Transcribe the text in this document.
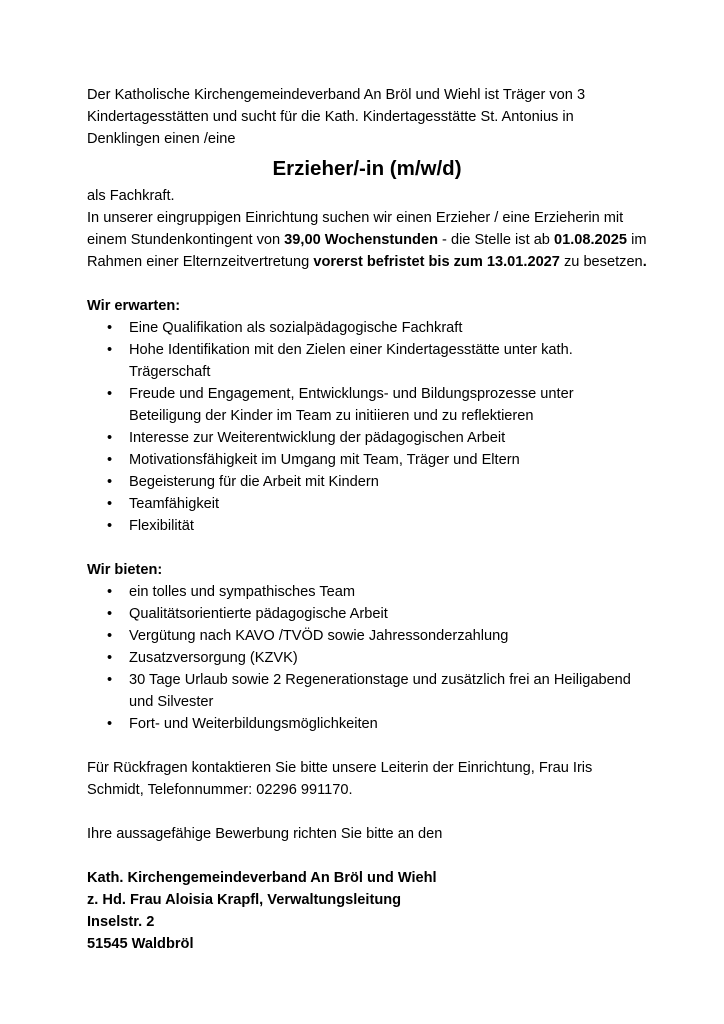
Der Katholische Kirchengemeindeverband An Bröl und Wiehl ist Träger von 3 Kindertagesstätten und sucht für die Kath. Kindertagesstätte St. Antonius in Denklingen einen /eine

Erzieher/-in (m/w/d)

als Fachkraft.

In unserer eingruppigen Einrichtung suchen wir einen Erzieher / eine Erzieherin mit einem Stundenkontingent von 39,00 Wochenstunden - die Stelle ist ab 01.08.2025 im Rahmen einer Elternzeitvertretung vorerst befristet bis zum 13.01.2027 zu besetzen.

Wir erwarten:

• Eine Qualifikation als sozialpädagogische Fachkraft
• Hohe Identifikation mit den Zielen einer Kindertagesstätte unter kath. Trägerschaft
• Freude und Engagement, Entwicklungs- und Bildungsprozesse unter Beteiligung der Kinder im Team zu initiieren und zu reflektieren
• Interesse zur Weiterentwicklung der pädagogischen Arbeit
• Motivationsfähigkeit im Umgang mit Team, Träger und Eltern
• Begeisterung für die Arbeit mit Kindern
• Teamfähigkeit
• Flexibilität

Wir bieten:

• ein tolles und sympathisches Team
• Qualitätsorientierte pädagogische Arbeit
• Vergütung nach KAVO /TVÖD sowie Jahressonderzahlung
• Zusatzversorgung (KZVK)
• 30 Tage Urlaub sowie 2 Regenerationstage und zusätzlich frei an Heiligabend und Silvester
• Fort- und Weiterbildungsmöglichkeiten

Für Rückfragen kontaktieren Sie bitte unsere Leiterin der Einrichtung, Frau Iris Schmidt, Telefonnummer: 02296 991170.

Ihre aussagefähige Bewerbung richten Sie bitte an den

Kath. Kirchengemeindeverband An Bröl und Wiehl

z. Hd. Frau Aloisia Krapfl, Verwaltungsleitung

Inselstr. 2

51545 Waldbröl
